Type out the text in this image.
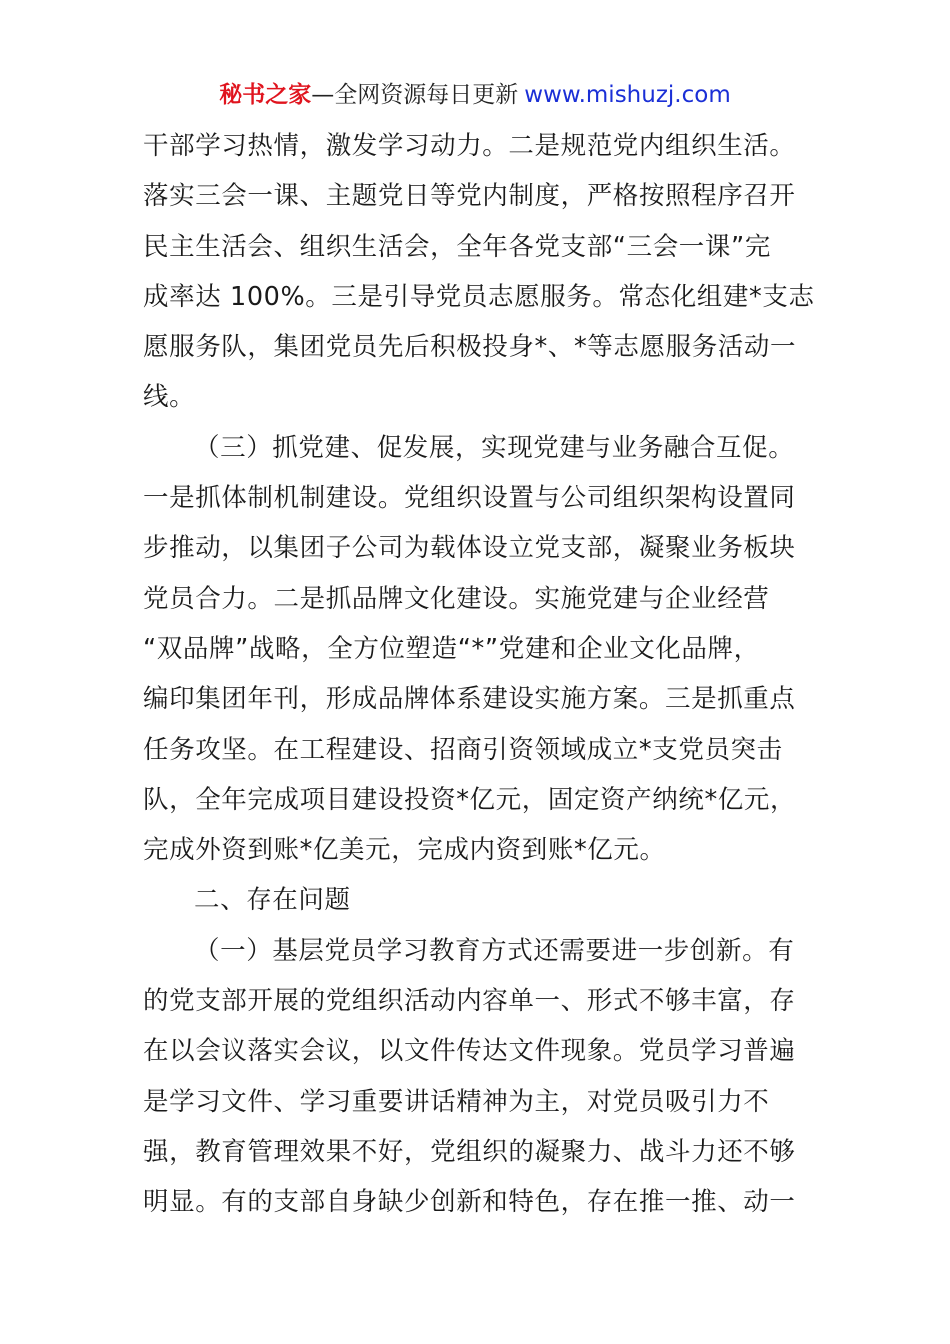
秘书之家—全网资源每日更新 www.mishuzj.com
干部学习热情，激发学习动力。二是规范党内组织生活。
落实三会一课、主题党日等党内制度，严格按照程序召开
民主生活会、组织生活会，全年各党支部“三会一课”完
成率达 100%。三是引导党员志愿服务。常态化组建*支志
愿服务队，集团党员先后积极投身*、*等志愿服务活动一
线。
（三）抓党建、促发展，实现党建与业务融合互促。
一是抓体制机制建设。党组织设置与公司组织架构设置同
步推动，以集团子公司为载体设立党支部，凝聚业务板块
党员合力。二是抓品牌文化建设。实施党建与企业经营
“双品牌”战略，全方位塑造“*”党建和企业文化品牌，
编印集团年刊，形成品牌体系建设实施方案。三是抓重点
任务攻坚。在工程建设、招商引资领域成立*支党员突击
队，全年完成项目建设投资*亿元，固定资产纳统*亿元，
完成外资到账*亿美元，完成内资到账*亿元。
二、存在问题
（一）基层党员学习教育方式还需要进一步创新。有
的党支部开展的党组织活动内容单一、形式不够丰富，存
在以会议落实会议，以文件传达文件现象。党员学习普遍
是学习文件、学习重要讲话精神为主，对党员吸引力不
强，教育管理效果不好，党组织的凝聚力、战斗力还不够
明显。有的支部自身缺少创新和特色，存在推一推、动一
